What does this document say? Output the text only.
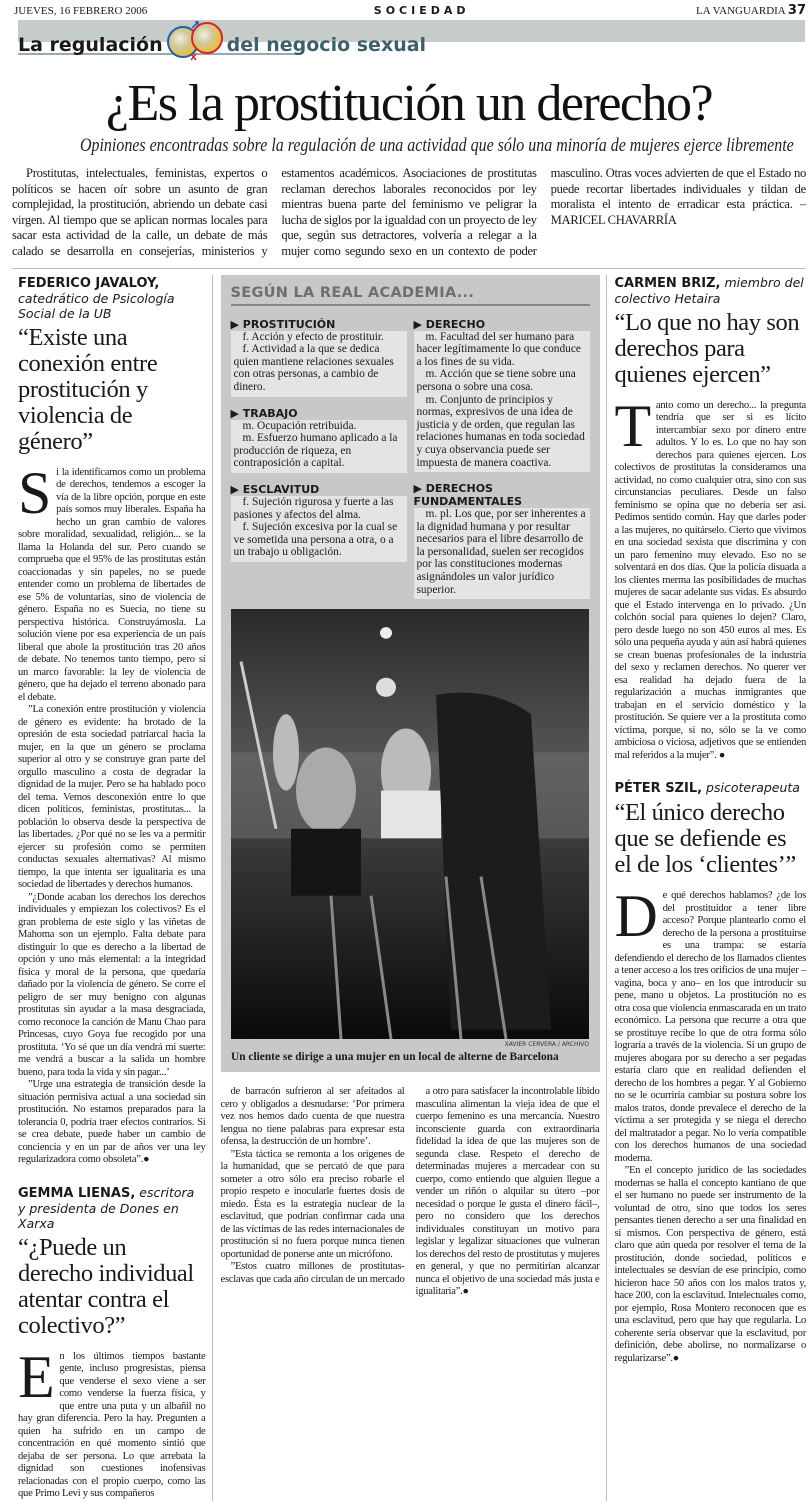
JUEVES, 16 FEBRERO 2006	SOCIEDAD	LA VANGUARDIA 37
La regulación	del negocio sexual
¿Es la prostitución un derecho?
Opiniones encontradas sobre la regulación de una actividad que sólo una minoría de mujeres ejerce libremente

Prostitutas, intelectuales, feministas, expertos o políticos se hacen oír sobre un asunto de gran complejidad, la prostitución, abriendo un debate casi virgen. Al tiempo que se aplican normas locales para sacar esta actividad de la calle, un debate de más calado se desarrolla en consejerías, ministerios y estamentos académicos. Asociaciones de prostitutas reclaman derechos laborales reconocidos por ley mientras buena parte del feminismo ve peligrar la lucha de siglos por la igualdad con un proyecto de ley que, según sus detractores, volvería a relegar a la mujer como segundo sexo en un contexto de poder masculino. Otras voces advierten de que el Estado no puede recortar libertades individuales y tildan de moralista el intento de erradicar esta práctica. – MARICEL CHAVARRÍA

FEDERICO JAVALOY, catedrático de Psicología Social de la UB
“Existe una conexión entre prostitución y violencia de género”
S i la identificamos como un problema de derechos, tendemos a escoger la vía de la libre opción, porque en este país somos muy liberales. España ha hecho un gran cambio de valores sobre moralidad, sexualidad, religión... se la llama la Holanda del sur. Pero cuando se comprueba que el 95% de las prostitutas están coaccionadas y sin papeles, no se puede entender como un problema de libertades de ese 5% de voluntarias, sino de violencia de género. España no es Suecia, no tiene su perspectiva histórica. Construyámosla. La solución viene por esa experiencia de un país liberal que abole la prostitución tras 20 años de debate. No tenemos tanto tiempo, pero sí un marco favorable: la ley de violencia de género, que ha dejado el terreno abonado para el debate.

”La conexión entre prostitución y violencia de género es evidente: ha brotado de la opresión de esta sociedad patriarcal hacia la mujer, en la que un género se proclama superior al otro y se construye gran parte del orgullo masculino a costa de degradar la dignidad de la mujer. Pero se ha hablado poco del tema. Vemos desconexión entre lo que dicen políticos, feministas, prostitutas... la población lo observa desde la perspectiva de las libertades. ¿Por qué no se les va a permitir ejercer su profesión como se permiten conductas sexuales alternativas? Al mismo tiempo, la que intenta ser igualitaria es una sociedad de libertades y derechos humanos.

”¿Donde acaban los derechos los derechos individuales y empiezan los colectivos? Es el gran problema de este siglo y las viñetas de Mahoma son un ejemplo. Falta debate para distinguir lo que es derecho a la libertad de opción y uno más elemental: a la integridad física y moral de la persona, que quedaría dañado por la violencia de género. Se corre el peligro de ser muy benigno con algunas prostitutas sin ayudar a la masa desgraciada, como reconoce la canción de Manu Chao para Princesas, cuyo Goya fue recogido por una prostituta. ‘Yo sé que un día vendrá mi suerte: me vendrá a buscar a la salida un hombre bueno, para toda la vida y sin pagar...’

”Urge una estrategia de transición desde la situación permisiva actual a una sociedad sin prostitución. No estamos preparados para la tolerancia 0, podría traer efectos contrarios. Si se crea debate, puede haber un cambio de conciencia y en un par de años ver una ley regularizadora como obsoleta”.●

GEMMA LIENAS, escritora y presidenta de Dones en Xarxa
“¿Puede un derecho individual atentar contra el colectivo?”
E n los últimos tiempos bastante gente, incluso progresistas, piensa que venderse el sexo viene a ser como venderse la fuerza física, y que entre una puta y un albañil no hay gran diferencia. Pero la hay. Pregunten a quien ha sufrido en un campo de concentración en qué momento sintió que dejaba de ser persona. Lo que arrebata la dignidad son cuestiones inofensivas relacionadas con el propio cuerpo, como las que Primo Levi y sus compañeros

SEGÚN LA REAL ACADEMIA...
▶ PROSTITUCIÓN

f. Acción y efecto de prostituir.

f. Actividad a la que se dedica quien mantiene relaciones sexuales con otras personas, a cambio de dinero.

▶ TRABAJO

m. Ocupación retribuida.

m. Esfuerzo humano aplicado a la producción de riqueza, en contraposición a capital.

▶ ESCLAVITUD

f. Sujeción rigurosa y fuerte a las pasiones y afectos del alma.

f. Sujeción excesiva por la cual se ve sometida una persona a otra, o a un trabajo u obligación.

▶ DERECHO

m. Facultad del ser humano para hacer legítimamente lo que conduce a los fines de su vida.

m. Acción que se tiene sobre una persona o sobre una cosa.

m. Conjunto de principios y normas, expresivos de una idea de justicia y de orden, que regulan las relaciones humanas en toda sociedad y cuya observancia puede ser impuesta de manera coactiva.

▶ DERECHOS FUNDAMENTALES

m. pl. Los que, por ser inherentes a la dignidad humana y por resultar necesarios para el libre desarrollo de la personalidad, suelen ser recogidos por las constituciones modernas asignándoles un valor jurídico superior.

XAVIER CERVERA / ARCHIVO
Un cliente se dirige a una mujer en un local de alterne de Barcelona

de barracón sufrieron al ser afeitados al cero y obligados a desnudarse: ‘Por primera vez nos hemos dado cuenta de que nuestra lengua no tiene palabras para expresar esta ofensa, la destrucción de un hombre’.

”Esta táctica se remonta a los orígenes de la humanidad, que se percató de que para someter a otro sólo era preciso robarle el propio respeto e inocularle fuertes dosis de miedo. Ésta es la estrategia nuclear de la esclavitud, que podrían confirmar cada una de las víctimas de las redes internacionales de prostitución si no fuera porque nunca tienen oportunidad de ponerse ante un micrófono.

”Estos cuatro millones de prostitutas-esclavas que cada año circulan de un mercado

a otro para satisfacer la incontrolable libido masculina alimentan la vieja idea de que el cuerpo femenino es una mercancía. Nuestro inconsciente guarda con extraordinaria fidelidad la idea de que las mujeres son de segunda clase. Respeto el derecho de determinadas mujeres a mercadear con su cuerpo, como entiendo que alguien llegue a vender un riñón o alquilar su útero –por necesidad o porque le gusta el dinero fácil–, pero no considero que los derechos individuales constituyan un motivo para legislar y legalizar situaciones que vulneran los derechos del resto de prostitutas y mujeres en general, y que no permitirían alcanzar nunca el objetivo de una sociedad más justa e igualitaria”.●

CARMEN BRIZ, miembro del colectivo Hetaira
“Lo que no hay son derechos para quienes ejercen”
T anto como un derecho... la pregunta tendría que ser si es lícito intercambiar sexo por dinero entre adultos. Y lo es. Lo que no hay son derechos para quienes ejercen. Los colectivos de prostitutas la consideramos una actividad, no como cualquier otra, sino con sus circunstancias peculiares. Desde un falso feminismo se opina que no debería ser así. Pedimos sentido común. Hay que darles poder a las mujeres, no quitárselo. Cierto que vivimos en una sociedad sexista que discrimina y con un paro femenino muy elevado. Eso no se solventará en dos días. Que la policía disuada a los clientes merma las posibilidades de muchas mujeres de sacar adelante sus vidas. Es absurdo que el Estado intervenga en lo privado. ¿Un colchón social para quienes lo dejen? Claro, pero desde luego no son 450 euros al mes. Es sólo una pequeña ayuda y aún así habrá quienes se crean buenas profesionales de la industria del sexo y reclamen derechos. No querer ver esa realidad ha dejado fuera de la regularización a muchas inmigrantes que trabajan en el servicio doméstico y la prostitución. Se quiere ver a la prostituta como víctima, porque, si no, sólo se la ve como ambiciosa o viciosa, adjetivos que se entienden mal referidos a la mujer”. ●

PÉTER SZIL, psicoterapeuta
“El único derecho que se defiende es el de los ‘clientes’”
D e qué derechos hablamos? ¿de los del prostituidor a tener libre acceso? Porque plantearlo como el derecho de la persona a prostituirse es una trampa: se estaría defendiendo el derecho de los llamados clientes a tener acceso a los tres orificios de una mujer –vagina, boca y ano– en los que introducir su pene, mano u objetos. La prostitución no es otra cosa que violencia enmascarada en un trato económico. La persona que recurre a otra que se prostituye recibe lo que de otra forma sólo lograría a través de la violencia. Si un grupo de mujeres abogara por su derecho a ser pegadas estaría claro que en realidad defienden el derecho de los hombres a pegar. Y al Gobierno no se le ocurriría cambiar su postura sobre los malos tratos, donde prevalece el derecho de la víctima a ser protegida y se niega el derecho del maltratador a pegar. No lo vería compatible con los derechos humanos de una sociedad moderna.

”En el concepto jurídico de las sociedades modernas se halla el concepto kantiano de que el ser humano no puede ser instrumento de la voluntad de otro, sino que todos los seres pensantes tienen derecho a ser una finalidad en sí mismos. Con perspectiva de género, está claro que aún queda por resolver el tema de la prostitución, donde sociedad, políticos e intelectuales se desvían de ese principio, como hicieron hace 50 años con los malos tratos y, hace 200, con la esclavitud. Intelectuales como, por ejemplo, Rosa Montero reconocen que es una esclavitud, pero que hay que regularla. Lo coherente sería observar que la esclavitud, por definición, debe abolirse, no normalizarse o regularizarse”.●
